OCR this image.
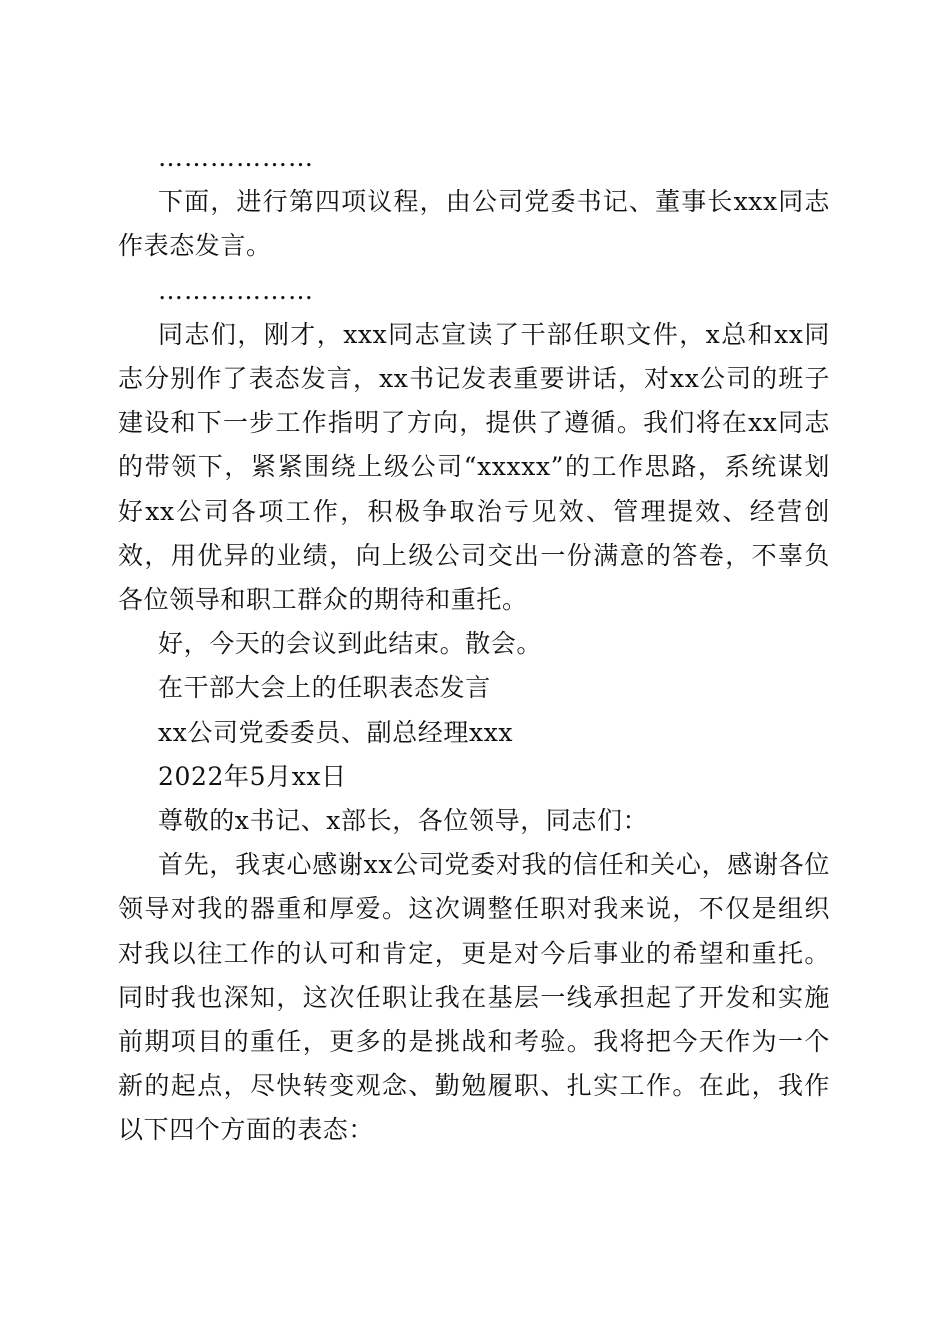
………………

下面，进行第四项议程，由公司党委书记、董事长xxx同志作表态发言。

………………

同志们，刚才，xxx同志宣读了干部任职文件，x总和xx同志分别作了表态发言，xx书记发表重要讲话，对xx公司的班子建设和下一步工作指明了方向，提供了遵循。我们将在xx同志的带领下，紧紧围绕上级公司“xxxxx”的工作思路，系统谋划好xx公司各项工作，积极争取治亏见效、管理提效、经营创效，用优异的业绩，向上级公司交出一份满意的答卷，不辜负各位领导和职工群众的期待和重托。

好，今天的会议到此结束。散会。

在干部大会上的任职表态发言

xx公司党委委员、副总经理xxx

2022年5月xx日

尊敬的x书记、x部长，各位领导，同志们：

首先，我衷心感谢xx公司党委对我的信任和关心，感谢各位领导对我的器重和厚爱。这次调整任职对我来说，不仅是组织对我以往工作的认可和肯定，更是对今后事业的希望和重托。同时我也深知，这次任职让我在基层一线承担起了开发和实施前期项目的重任，更多的是挑战和考验。我将把今天作为一个新的起点，尽快转变观念、勤勉履职、扎实工作。在此，我作以下四个方面的表态：
